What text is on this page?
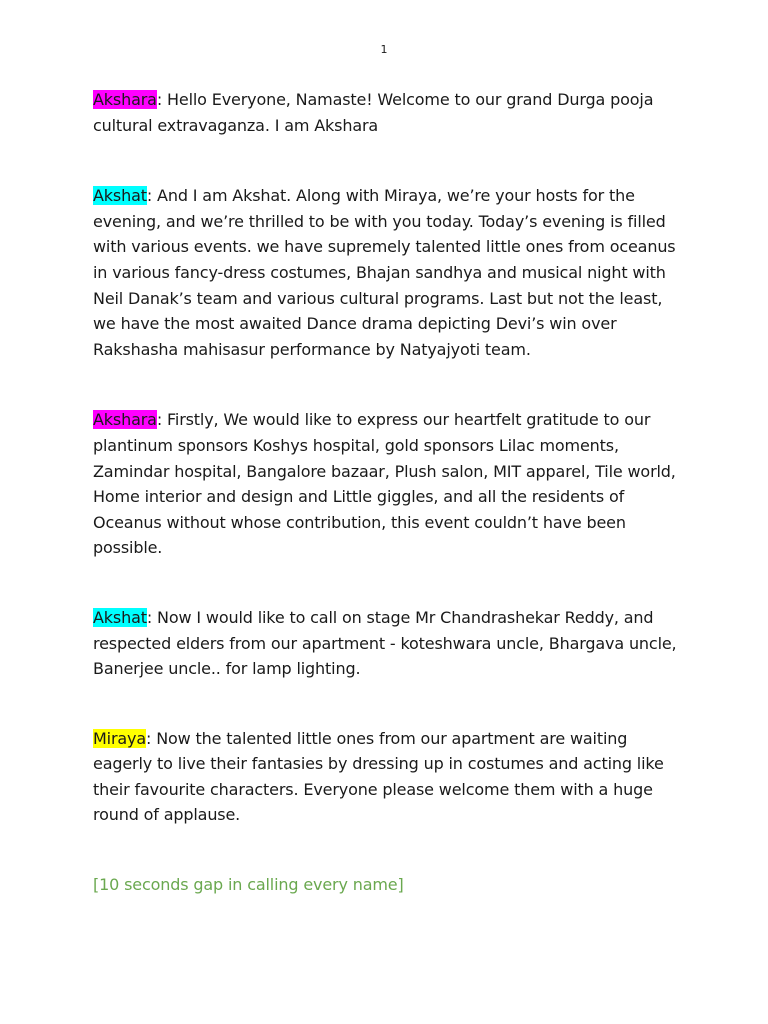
1

Akshara: Hello Everyone, Namaste! Welcome to our grand Durga pooja cultural extravaganza. I am Akshara

Akshat: And I am Akshat. Along with Miraya, we’re your hosts for the evening, and we’re thrilled to be with you today. Today’s evening is filled with various events. we have supremely talented little ones from oceanus in various fancy-dress costumes, Bhajan sandhya and musical night with Neil Danak’s team and various cultural programs. Last but not the least, we have the most awaited Dance drama depicting Devi’s win over Rakshasha mahisasur performance by Natyajyoti team.

Akshara: Firstly, We would like to express our heartfelt gratitude to our plantinum sponsors Koshys hospital, gold sponsors Lilac moments, Zamindar hospital, Bangalore bazaar, Plush salon, MIT apparel, Tile world, Home interior and design and Little giggles, and all the residents of Oceanus without whose contribution, this event couldn’t have been possible.

Akshat: Now I would like to call on stage Mr Chandrashekar Reddy, and respected elders from our apartment - koteshwara uncle, Bhargava uncle, Banerjee uncle.. for lamp lighting.

Miraya: Now the talented little ones from our apartment are waiting eagerly to live their fantasies by dressing up in costumes and acting like their favourite characters. Everyone please welcome them with a huge round of applause.

[10 seconds gap in calling every name]
